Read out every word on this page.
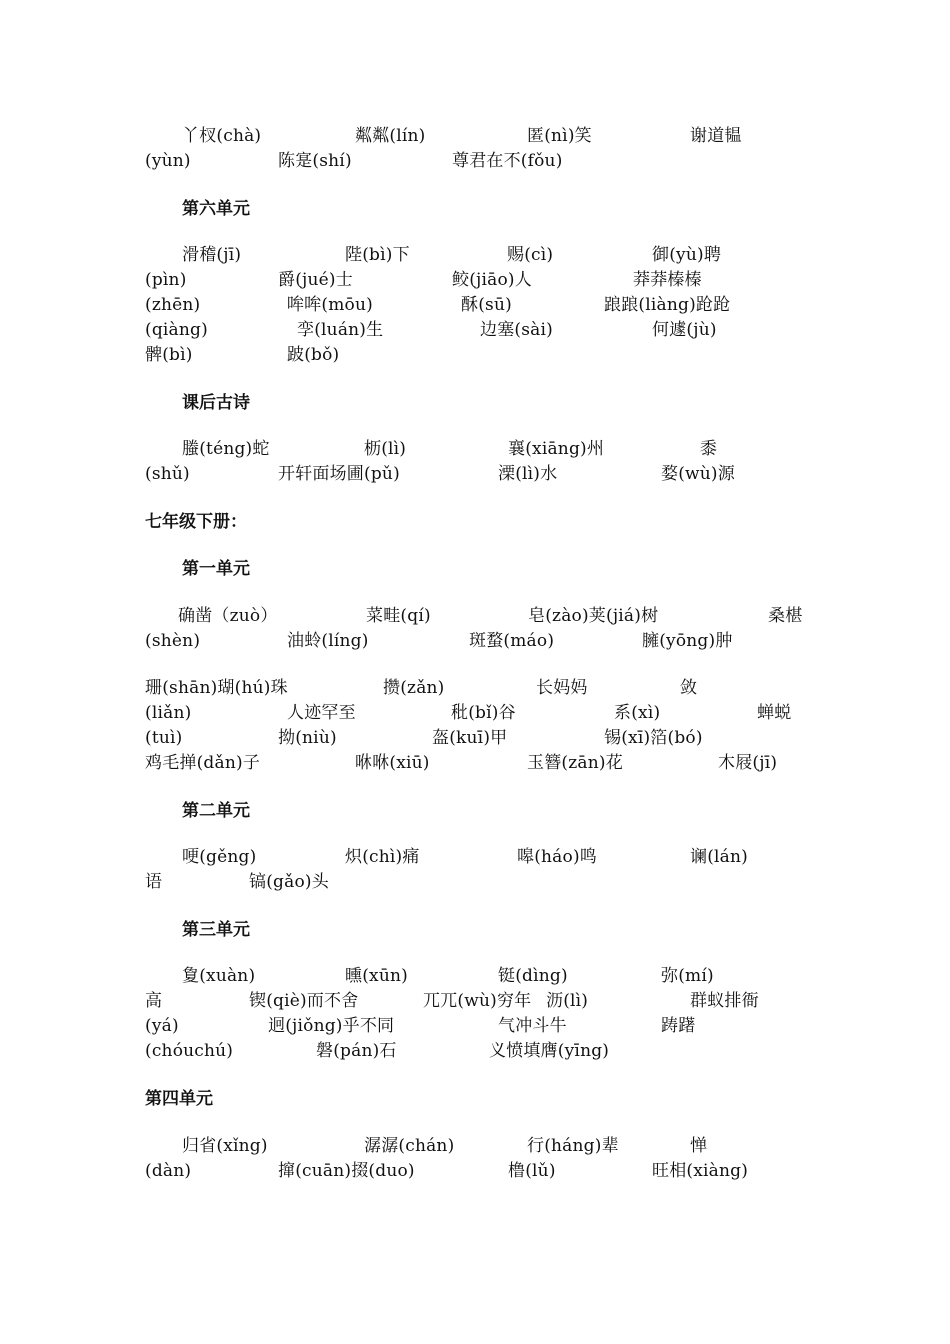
丫杈(chà)	粼粼(lín)	匿(nì)笑	谢道韫
(yùn)	陈寔(shí)	尊君在不(fǒu)
第六单元
滑稽(jī)	陛(bì)下	赐(cì)	御(yù)聘
(pìn)	爵(jué)士	鲛(jiāo)人	莽莽榛榛
(zhēn)	哞哞(mōu)	酥(sū)	踉踉(liàng)跄跄
(qiàng)	孪(luán)生	边塞(sài)	何遽(jù)
髀(bì)	跛(bǒ)
课后古诗
螣(téng)蛇	枥(lì)	襄(xiāng)州	黍
(shǔ)	开轩面场圃(pǔ)	溧(lì)水	婺(wù)源
七年级下册：
第一单元
确凿（zuò）	菜畦(qí)	皂(zào)荚(jiá)树	桑椹
(shèn)	油蛉(líng)	斑蝥(máo)	臃(yōng)肿
珊(shān)瑚(hú)珠	攒(zǎn)	长妈妈	敛
(liǎn)	人迹罕至	秕(bǐ)谷	系(xì)	蝉蜕
(tuì)	拗(niù)	盔(kuī)甲	锡(xī)箔(bó)
鸡毛掸(dǎn)子	咻咻(xiū)	玉簪(zān)花	木屐(jī)
第二单元
哽(gěng)	炽(chì)痛	嗥(háo)鸣	谰(lán)
语	镐(gǎo)头
第三单元
夐(xuàn)	曛(xūn)	铤(dìng)	弥(mí)
高	锲(qiè)而不舍	兀兀(wù)穷年 沥(lì)	群蚁排衙
(yá)	迥(jiǒng)乎不同	气冲斗牛	踌躇
(chóuchú)	磐(pán)石	义愤填膺(yīng)
第四单元
归省(xǐng)	潺潺(chán)	行(háng)辈	惮
(dàn)	撺(cuān)掇(duo)	橹(lǔ)	旺相(xiàng)
